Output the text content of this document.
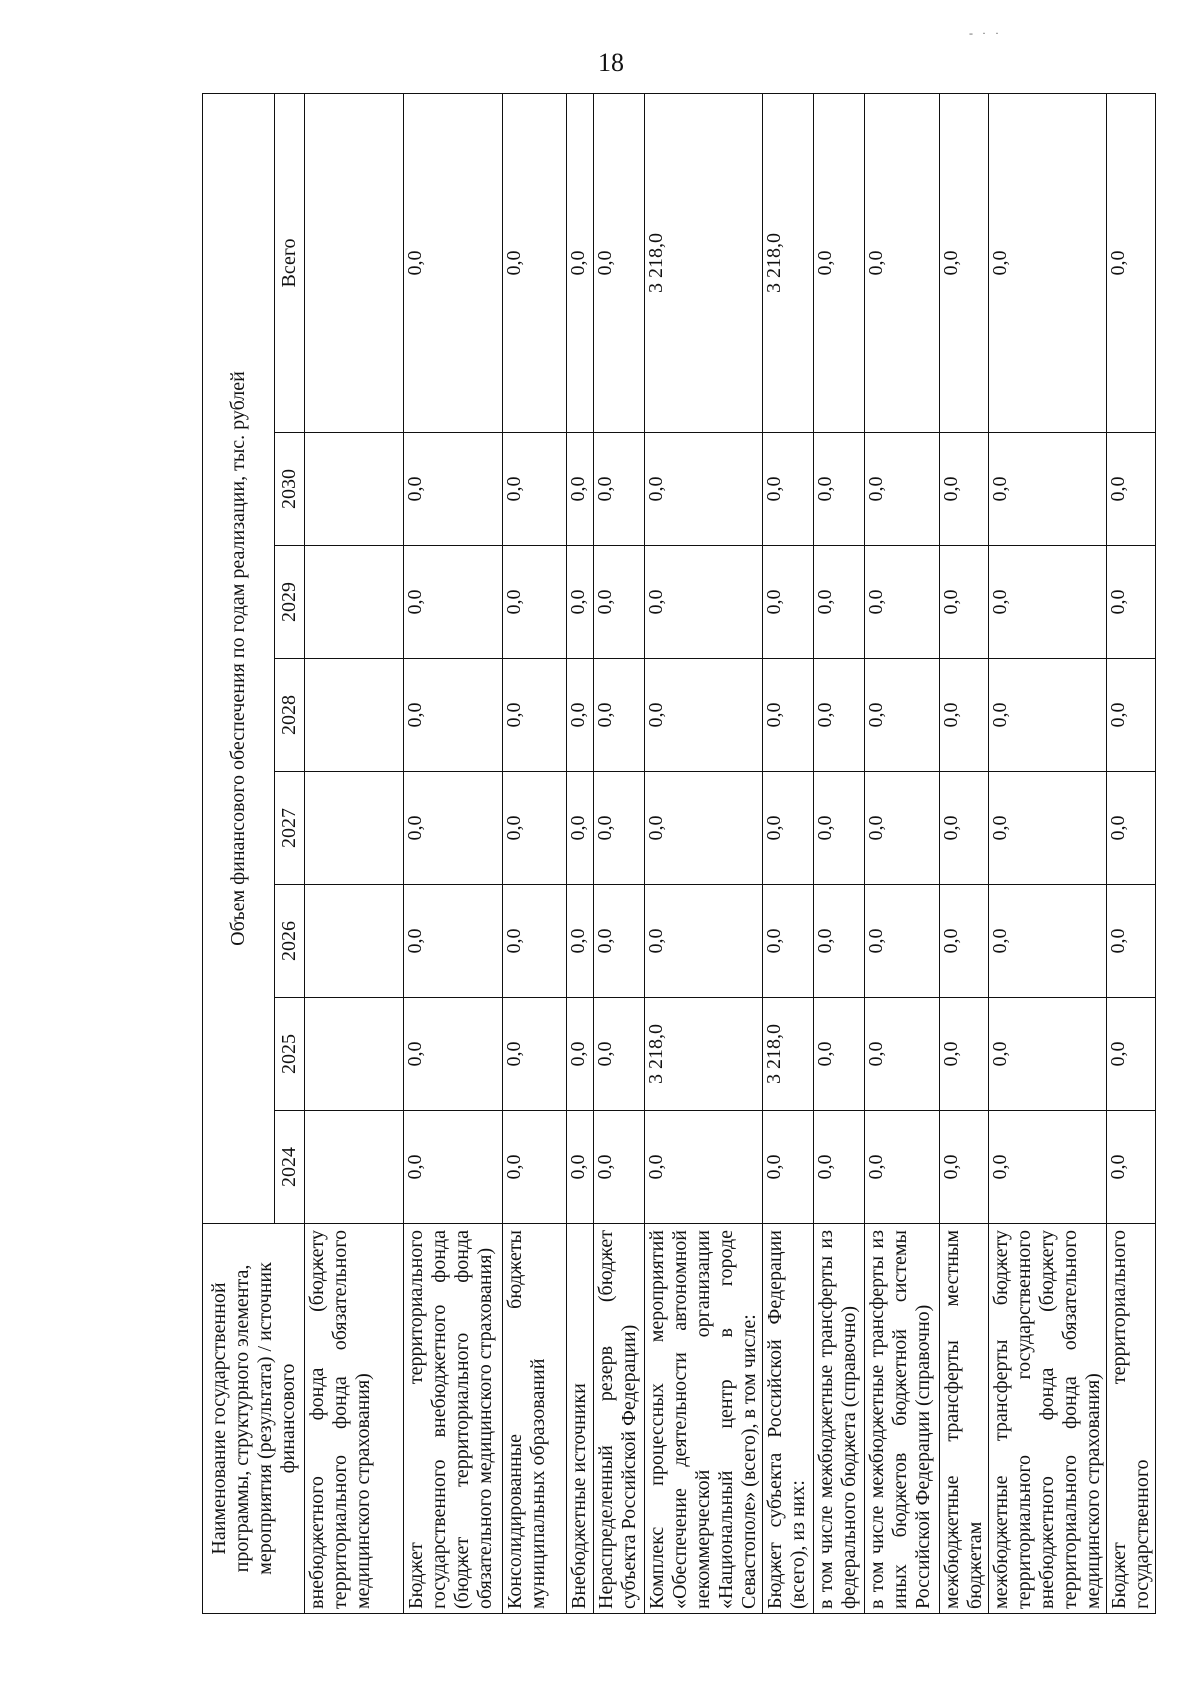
18
- · ·
Наименование государственной программы, структурного элемента, мероприятия (результата) / источник финансового	Объем финансового обеспечения по годам реализации, тыс. рублей							
	2024	2025	2026	2027	2028	2029	2030	Всего
внебюджетного фонда (бюджету территориального фонда обязательного медицинского страхования)								
Бюджет территориального государственного внебюджетного фонда (бюджет территориального фонда обязательного медицинского страхования)	0,0	0,0	0,0	0,0	0,0	0,0	0,0	0,0
Консолидированные бюджеты муниципальных образований	0,0	0,0	0,0	0,0	0,0	0,0	0,0	0,0
Внебюджетные источники	0,0	0,0	0,0	0,0	0,0	0,0	0,0	0,0
Нераспределенный резерв (бюджет субъекта Российской Федерации)	0,0	0,0	0,0	0,0	0,0	0,0	0,0	0,0
Комплекс процессных мероприятий «Обеспечение деятельности автономной некоммерческой организации «Национальный центр в городе Севастополе» (всего), в том числе:	0,0	3 218,0	0,0	0,0	0,0	0,0	0,0	3 218,0
Бюджет субъекта Российской Федерации (всего), из них:	0,0	3 218,0	0,0	0,0	0,0	0,0	0,0	3 218,0
в том числе межбюджетные трансферты из федерального бюджета (справочно)	0,0	0,0	0,0	0,0	0,0	0,0	0,0	0,0
в том числе межбюджетные трансферты из иных бюджетов бюджетной системы Российской Федерации (справочно)	0,0	0,0	0,0	0,0	0,0	0,0	0,0	0,0
межбюджетные трансферты местным бюджетам	0,0	0,0	0,0	0,0	0,0	0,0	0,0	0,0
межбюджетные трансферты бюджету территориального государственного внебюджетного фонда (бюджету территориального фонда обязательного медицинского страхования)	0,0	0,0	0,0	0,0	0,0	0,0	0,0	0,0
Бюджет территориального государственного	0,0	0,0	0,0	0,0	0,0	0,0	0,0	0,0
